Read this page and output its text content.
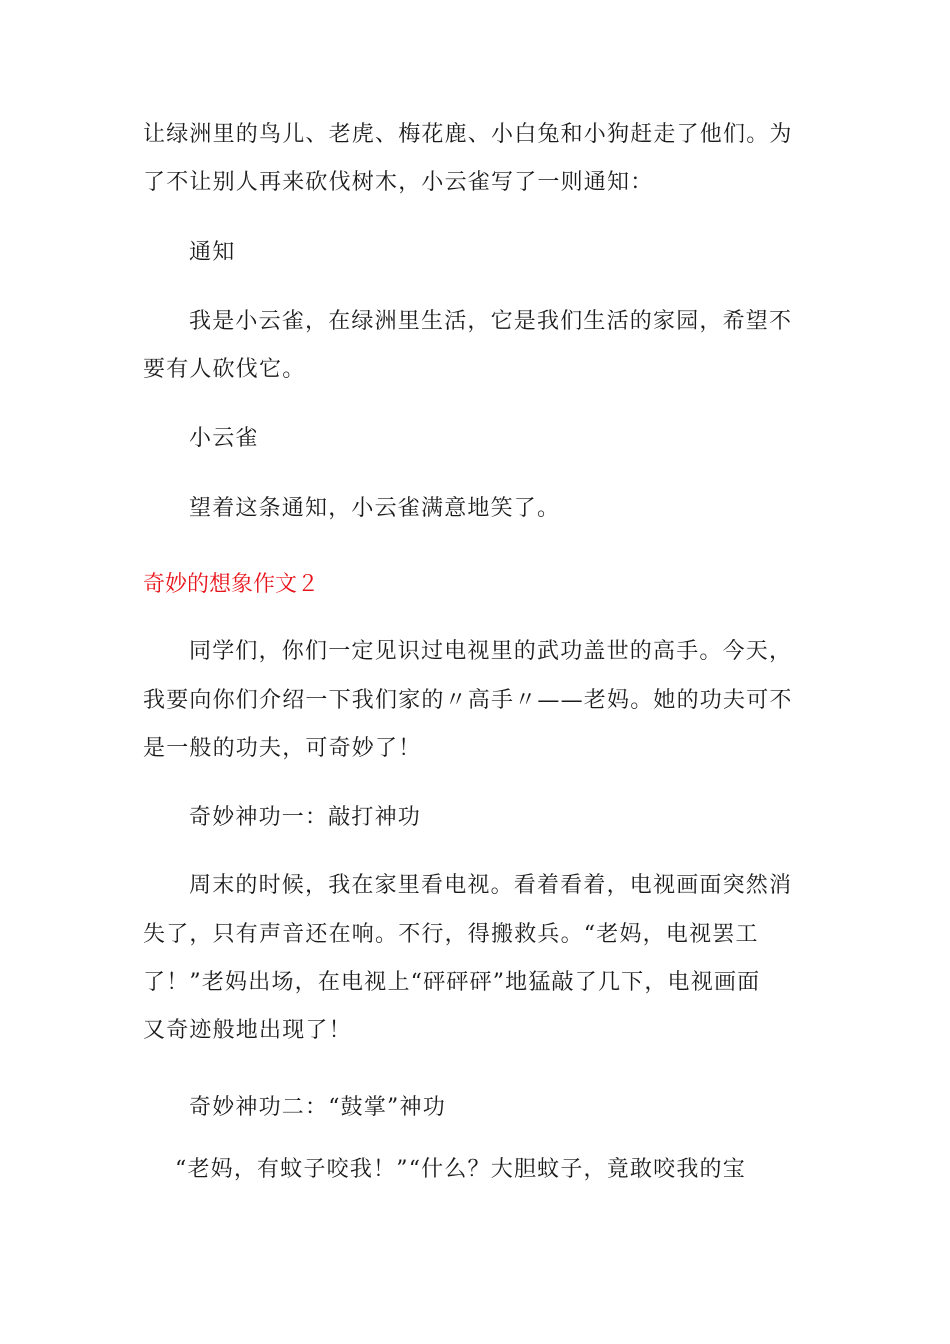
让绿洲里的鸟儿、老虎、梅花鹿、小白兔和小狗赶走了他们。为
了不让别人再来砍伐树木，小云雀写了一则通知：
通知
我是小云雀，在绿洲里生活，它是我们生活的家园，希望不
要有人砍伐它。
小云雀
望着这条通知，小云雀满意地笑了。
奇妙的想象作文２
同学们，你们一定见识过电视里的武功盖世的高手。今天，
我要向你们介绍一下我们家的〃高手〃——老妈。她的功夫可不
是一般的功夫，可奇妙了！
奇妙神功一：敲打神功
周末的时候，我在家里看电视。看着看着，电视画面突然消
失了，只有声音还在响。不行，得搬救兵。“老妈，电视罢工
了！”老妈出场，在电视上“砰砰砰”地猛敲了几下，电视画面
又奇迹般地出现了！
奇妙神功二：“鼓掌”神功
“老妈，有蚊子咬我！”“什么？大胆蚊子，竟敢咬我的宝
